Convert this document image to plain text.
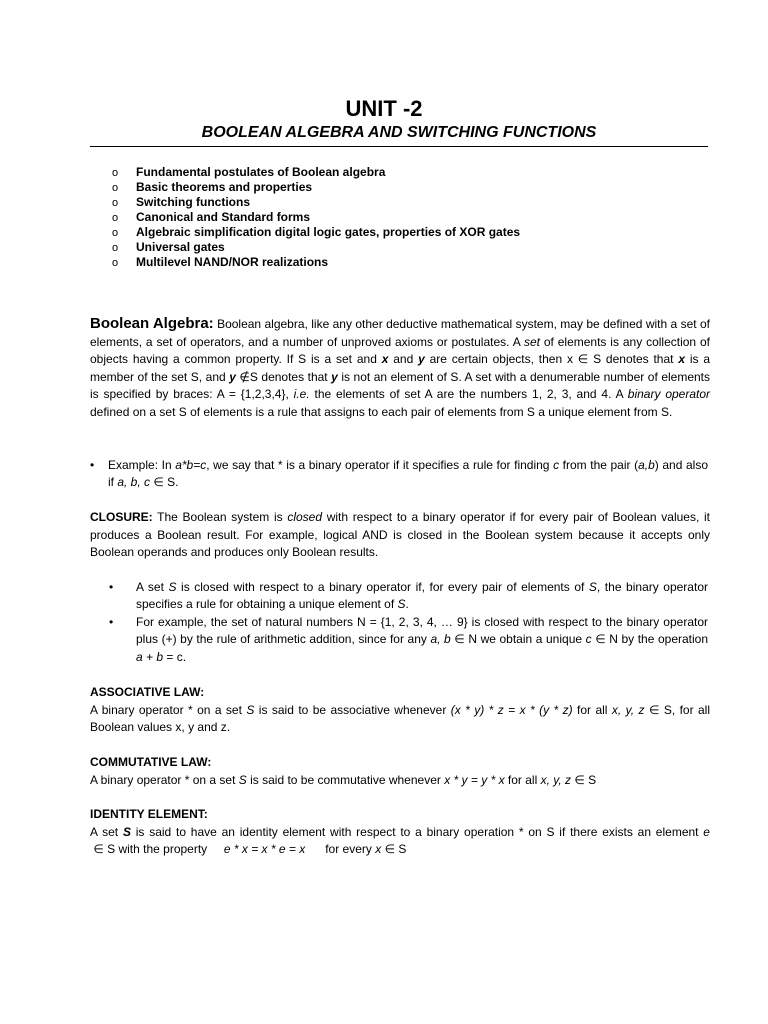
UNIT -2
BOOLEAN ALGEBRA AND SWITCHING FUNCTIONS
o Fundamental postulates of Boolean algebra
o Basic theorems and properties
o Switching functions
o Canonical and Standard forms
o Algebraic simplification digital logic gates, properties of XOR gates
o Universal gates
o Multilevel NAND/NOR realizations
Boolean Algebra: Boolean algebra, like any other deductive mathematical system, may be defined with a set of elements, a set of operators, and a number of unproved axioms or postulates. A set of elements is any collection of objects having a common property. If S is a set and x and y are certain objects, then x ∈ S denotes that x is a member of the set S, and y ∉S denotes that y is not an element of S. A set with a denumerable number of elements is specified by braces: A = {1,2,3,4}, i.e. the elements of set A are the numbers 1, 2, 3, and 4. A binary operator defined on a set S of elements is a rule that assigns to each pair of elements from S a unique element from S.
• Example: In a*b=c, we say that * is a binary operator if it specifies a rule for finding c from the pair (a,b) and also if a, b, c ∈ S.
CLOSURE: The Boolean system is closed with respect to a binary operator if for every pair of Boolean values, it produces a Boolean result. For example, logical AND is closed in the Boolean system because it accepts only Boolean operands and produces only Boolean results.
• A set S is closed with respect to a binary operator if, for every pair of elements of S, the binary operator specifies a rule for obtaining a unique element of S.
• For example, the set of natural numbers N = {1, 2, 3, 4, … 9} is closed with respect to the binary operator plus (+) by the rule of arithmetic addition, since for any a, b ∈ N we obtain a unique c ∈ N by the operation a + b = c.
ASSOCIATIVE LAW:
A binary operator * on a set S is said to be associative whenever (x * y) * z = x * (y * z) for all x, y, z ∈ S, for all Boolean values x, y and z.
COMMUTATIVE LAW:
A binary operator * on a set S is said to be commutative whenever x * y = y * x for all x, y, z ∈ S
IDENTITY ELEMENT:
A set S is said to have an identity element with respect to a binary operation * on S if there exists an element e ∈ S with the property     e * x = x * e = x      for every x ∈ S
